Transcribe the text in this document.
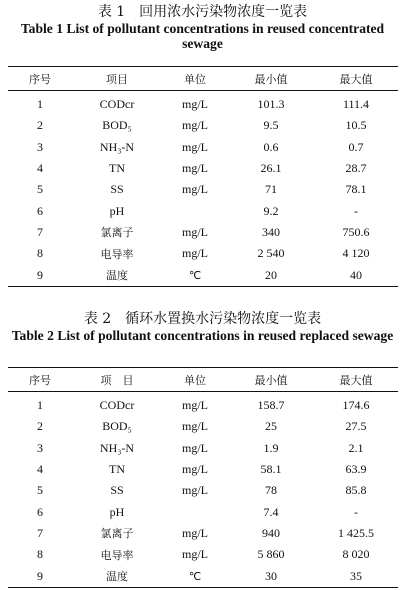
表 1　回用浓水污染物浓度一览表
Table 1 List of pollutant concentrations in reused concentrated sewage
序号	项目	单位	最小值	最大值
1	CODcr	mg/L	101.3	111.4
2	BOD₅	mg/L	9.5	10.5
3	NH₃-N	mg/L	0.6	0.7
4	TN	mg/L	26.1	28.7
5	SS	mg/L	71	78.1
6	pH		9.2	-
7	氯离子	mg/L	340	750.6
8	电导率	mg/L	2 540	4 120
9	温度	℃	20	40
表 2　循环水置换水污染物浓度一览表
Table 2 List of pollutant concentrations in reused replaced sewage
序号	项　目	单位	最小值	最大值
1	CODcr	mg/L	158.7	174.6
2	BOD₅	mg/L	25	27.5
3	NH₃-N	mg/L	1.9	2.1
4	TN	mg/L	58.1	63.9
5	SS	mg/L	78	85.8
6	pH		7.4	-
7	氯离子	mg/L	940	1 425.5
8	电导率	mg/L	5 860	8 020
9	温度	℃	30	35
